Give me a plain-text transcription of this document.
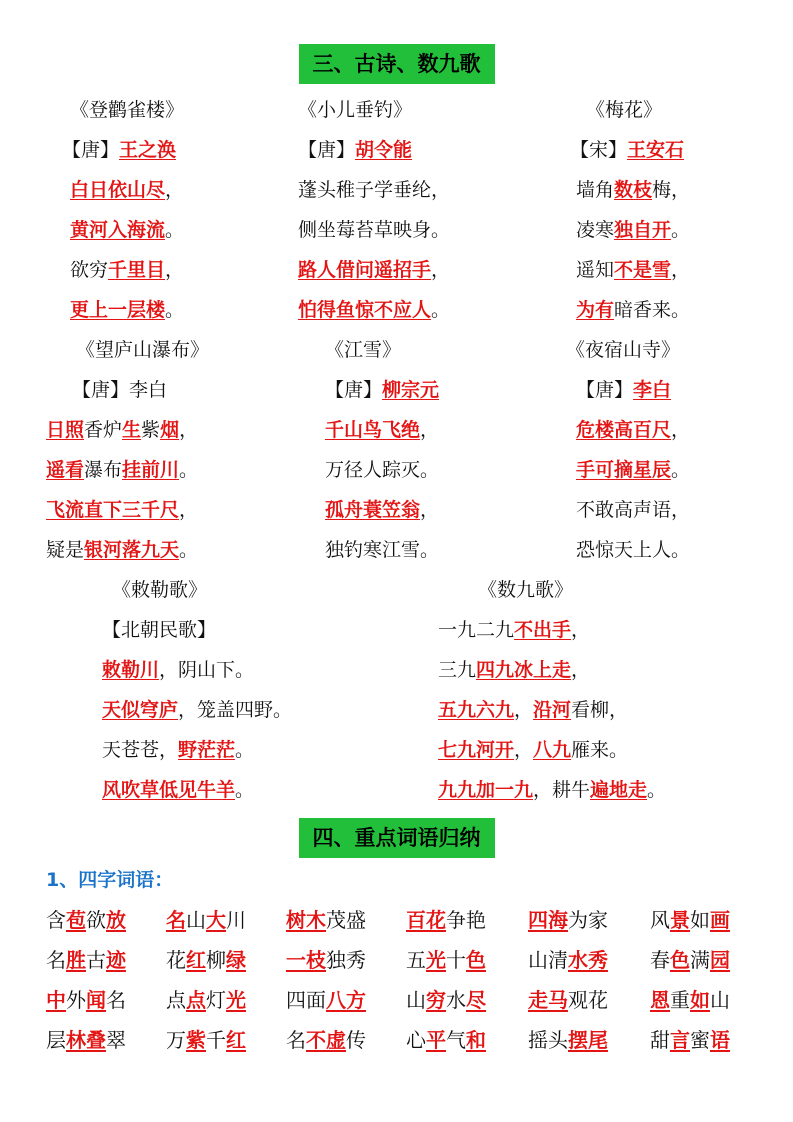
三、古诗、数九歌
《登鹳雀楼》
【唐】王之涣
白日依山尽，
黄河入海流。
欲穷千里目，
更上一层楼。
《小儿垂钓》
【唐】胡令能
蓬头稚子学垂纶，
侧坐莓苔草映身。
路人借问遥招手，
怕得鱼惊不应人。
《梅花》
【宋】王安石
墙角数枝梅，
凌寒独自开。
遥知不是雪，
为有暗香来。
《望庐山瀑布》
【唐】李白
日照香炉生紫烟，
遥看瀑布挂前川。
飞流直下三千尺，
疑是银河落九天。
《江雪》
【唐】柳宗元
千山鸟飞绝，
万径人踪灭。
孤舟蓑笠翁，
独钓寒江雪。
《夜宿山寺》
【唐】李白
危楼高百尺，
手可摘星辰。
不敢高声语，
恐惊天上人。
《敕勒歌》
【北朝民歌】
敕勒川，阴山下。
天似穹庐，笼盖四野。
天苍苍，野茫茫。
风吹草低见牛羊。
《数九歌》
一九二九不出手，
三九四九冰上走，
五九六九，沿河看柳，
七九河开，八九雁来。
九九加一九，耕牛遍地走。
四、重点词语归纳
1、四字词语：
含苞欲放 名山大川 树木茂盛 百花争艳 四海为家 风景如画
名胜古迹 花红柳绿 一枝独秀 五光十色 山清水秀 春色满园
中外闻名 点点灯光 四面八方 山穷水尽 走马观花 恩重如山
层林叠翠 万紫千红 名不虚传 心平气和 摇头摆尾 甜言蜜语
